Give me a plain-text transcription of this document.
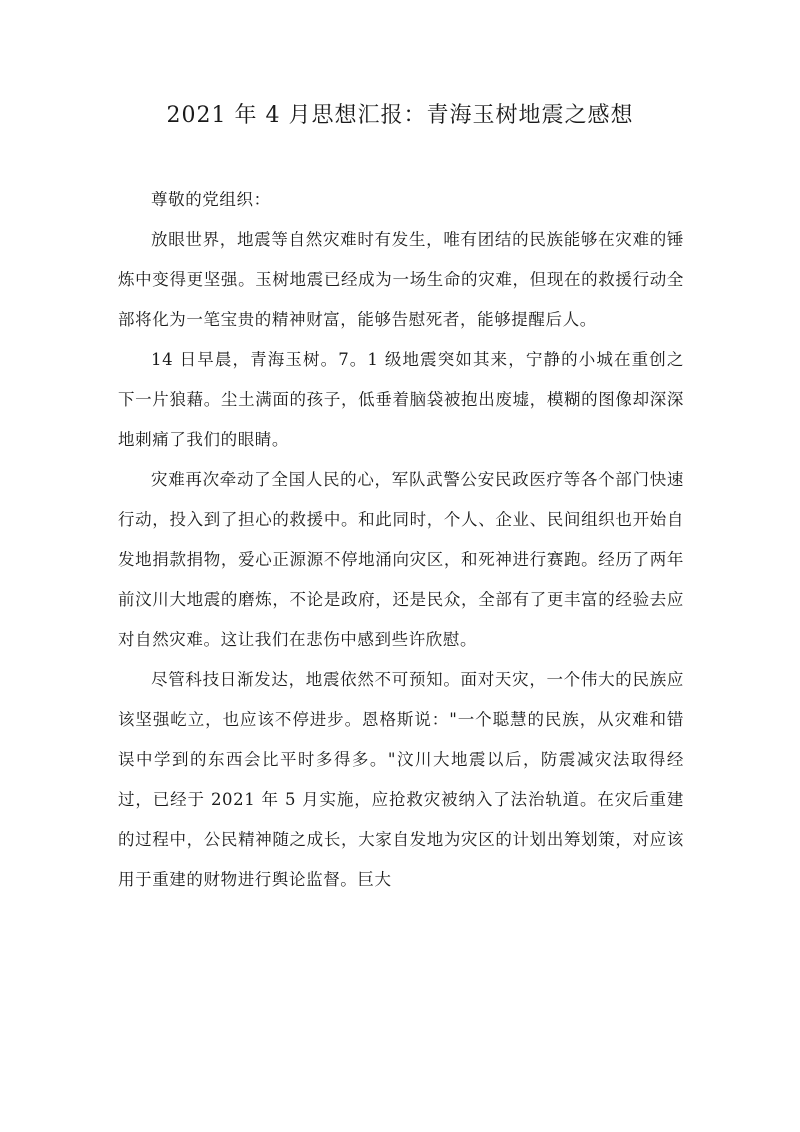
2021 年 4 月思想汇报：青海玉树地震之感想

尊敬的党组织：

放眼世界，地震等自然灾难时有发生，唯有团结的民族能够在灾难的锤炼中变得更坚强。玉树地震已经成为一场生命的灾难，但现在的救援行动全部将化为一笔宝贵的精神财富，能够告慰死者，能够提醒后人。

14 日早晨，青海玉树。7。1 级地震突如其来，宁静的小城在重创之下一片狼藉。尘土满面的孩子，低垂着脑袋被抱出废墟，模糊的图像却深深地刺痛了我们的眼睛。

灾难再次牵动了全国人民的心，军队武警公安民政医疗等各个部门快速行动，投入到了担心的救援中。和此同时，个人、企业、民间组织也开始自发地捐款捐物，爱心正源源不停地涌向灾区，和死神进行赛跑。经历了两年前汶川大地震的磨炼，不论是政府，还是民众，全部有了更丰富的经验去应对自然灾难。这让我们在悲伤中感到些许欣慰。

尽管科技日渐发达，地震依然不可预知。面对天灾，一个伟大的民族应该坚强屹立，也应该不停进步。恩格斯说："一个聪慧的民族，从灾难和错误中学到的东西会比平时多得多。"汶川大地震以后，防震减灾法取得经过，已经于 2021 年 5 月实施，应抢救灾被纳入了法治轨道。在灾后重建的过程中，公民精神随之成长，大家自发地为灾区的计划出筹划策，对应该用于重建的财物进行舆论监督。巨大
